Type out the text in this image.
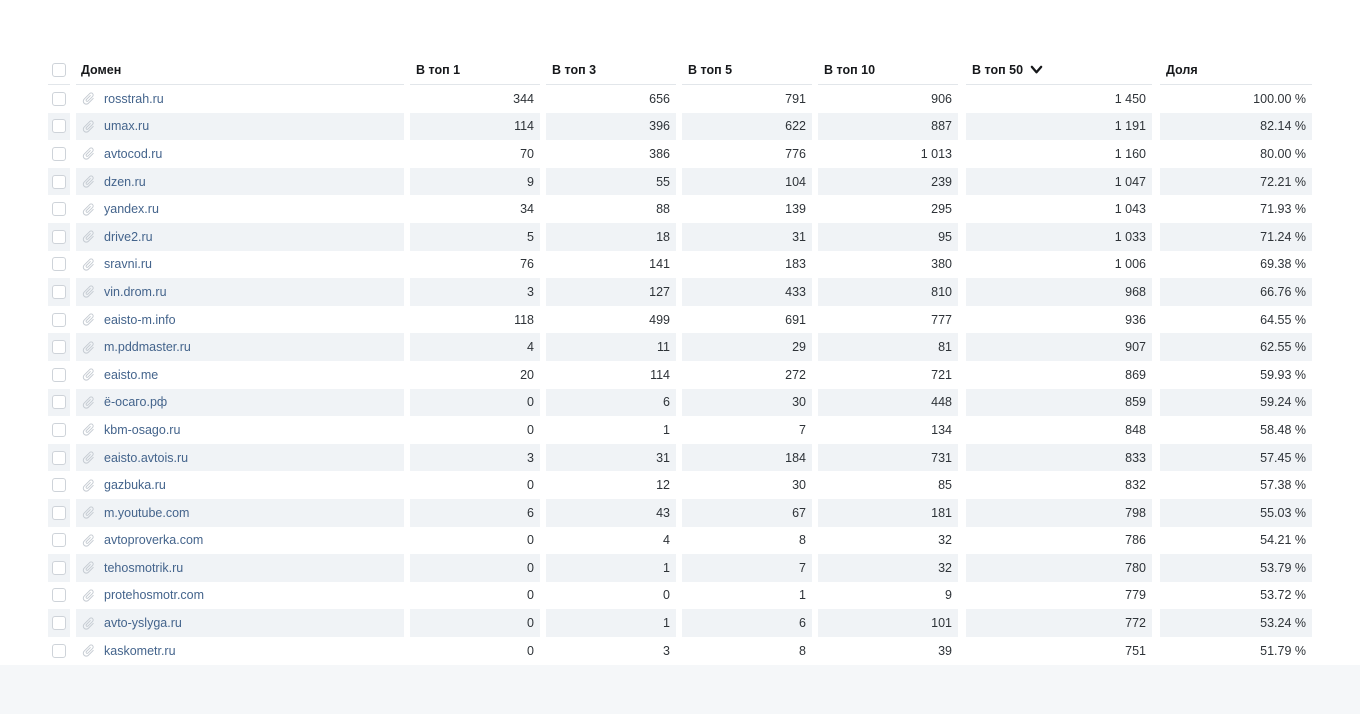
Домен	В топ 1	В топ 3	В топ 5	В топ 10	В топ 50	Доля
rosstrah.ru	344	656	791	906	1 450	100.00 %
umax.ru	114	396	622	887	1 191	82.14 %
avtocod.ru	70	386	776	1 013	1 160	80.00 %
dzen.ru	9	55	104	239	1 047	72.21 %
yandex.ru	34	88	139	295	1 043	71.93 %
drive2.ru	5	18	31	95	1 033	71.24 %
sravni.ru	76	141	183	380	1 006	69.38 %
vin.drom.ru	3	127	433	810	968	66.76 %
eaisto-m.info	118	499	691	777	936	64.55 %
m.pddmaster.ru	4	11	29	81	907	62.55 %
eaisto.me	20	114	272	721	869	59.93 %
ё-осаго.рф	0	6	30	448	859	59.24 %
kbm-osago.ru	0	1	7	134	848	58.48 %
eaisto.avtois.ru	3	31	184	731	833	57.45 %
gazbuka.ru	0	12	30	85	832	57.38 %
m.youtube.com	6	43	67	181	798	55.03 %
avtoproverka.com	0	4	8	32	786	54.21 %
tehosmotrik.ru	0	1	7	32	780	53.79 %
protehosmotr.com	0	0	1	9	779	53.72 %
avto-yslyga.ru	0	1	6	101	772	53.24 %
kaskometr.ru	0	3	8	39	751	51.79 %
